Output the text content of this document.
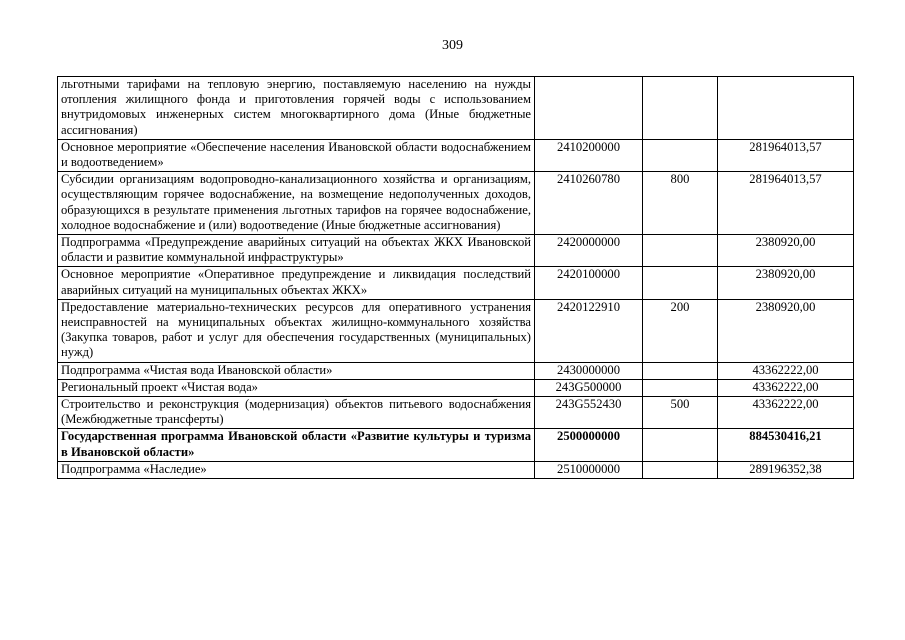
309
льготными тарифами на тепловую энергию, поставляемую населению на нужды отопления жилищного фонда и приготовления горячей воды с использованием внутридомовых инженерных систем многоквартирного дома (Иные бюджетные ассигнования)			
Основное мероприятие «Обеспечение населения Ивановской области водоснабжением и водоотведением»	2410200000		281964013,57
Субсидии организациям водопроводно-канализационного хозяйства и организациям, осуществляющим горячее водоснабжение, на возмещение недополученных доходов, образующихся в результате применения льготных тарифов на горячее водоснабжение, холодное водоснабжение и (или) водоотведение (Иные бюджетные ассигнования)	2410260780	800	281964013,57
Подпрограмма «Предупреждение аварийных ситуаций на объектах ЖКХ Ивановской области и развитие коммунальной инфраструктуры»	2420000000		2380920,00
Основное мероприятие «Оперативное предупреждение и ликвидация последствий аварийных ситуаций на муниципальных объектах ЖКХ»	2420100000		2380920,00
Предоставление материально-технических ресурсов для оперативного устранения неисправностей на муниципальных объектах жилищно-коммунального хозяйства (Закупка товаров, работ и услуг для обеспечения государственных (муниципальных) нужд)	2420122910	200	2380920,00
Подпрограмма «Чистая вода Ивановской области»	2430000000		43362222,00
Региональный проект «Чистая вода»	243G500000		43362222,00
Строительство и реконструкция (модернизация) объектов питьевого водоснабжения (Межбюджетные трансферты)	243G552430	500	43362222,00
Государственная программа Ивановской области «Развитие культуры и туризма в Ивановской области»	2500000000		884530416,21
Подпрограмма «Наследие»	2510000000		289196352,38
